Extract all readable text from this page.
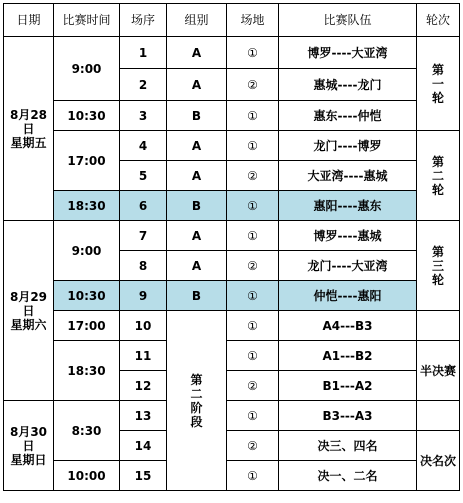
日期	比赛时间	场序	组别	场地	比赛队伍	轮次
8月28日
星期五	9:00	1	A	①	博罗----大亚湾	第一轮
		2	A	②	惠城----龙门	
	10:30	3	B	①	惠东----仲恺	
	17:00	4	A	①	龙门----博罗	第二轮
		5	A	②	大亚湾----惠城	
	18:30	6	B	①	惠阳----惠东	
8月29日
星期六	9:00	7	A	①	博罗----惠城	第三轮
		8	A	②	龙门----大亚湾	
	10:30	9	B	①	仲恺----惠阳	
	17:00	10	第二阶段	①	A4---B3	
	18:30	11		①	A1---B2	半决赛
		12		②	B1---A2	
8月30日
星期日	8:30	13		①	B3---A3	
		14		②	决三、四名	决名次
	10:00	15		①	决一、二名	
